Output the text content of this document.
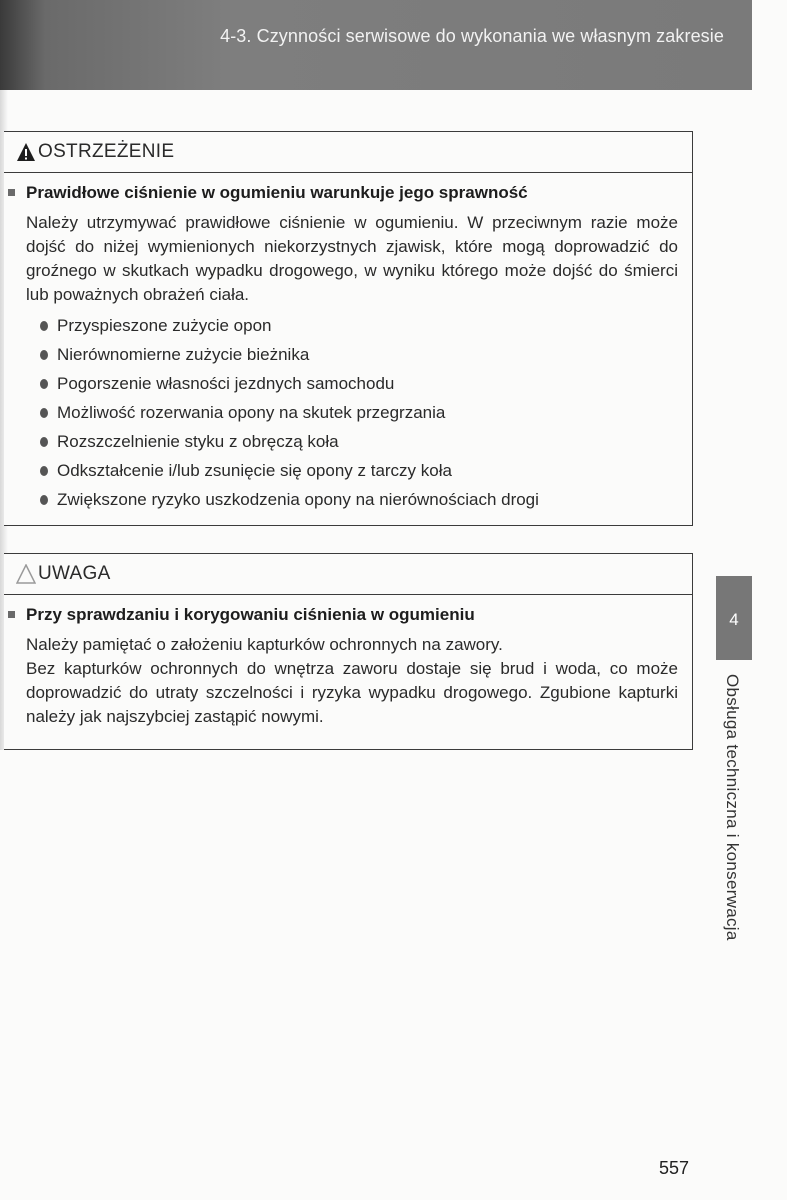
4-3. Czynności serwisowe do wykonania we własnym zakresie
OSTRZEŻENIE
Prawidłowe ciśnienie w ogumieniu warunkuje jego sprawność

Należy utrzymywać prawidłowe ciśnienie w ogumieniu. W przeciwnym razie może dojść do niżej wymienionych niekorzystnych zjawisk, które mogą doprowadzić do groźnego w skutkach wypadku drogowego, w wyniku którego może dojść do śmierci lub poważnych obrażeń ciała.

Przyspieszone zużycie opon
Nierównomierne zużycie bieżnika
Pogorszenie własności jezdnych samochodu
Możliwość rozerwania opony na skutek przegrzania
Rozszczelnienie styku z obręczą koła
Odkształcenie i/lub zsunięcie się opony z tarczy koła
Zwiększone ryzyko uszkodzenia opony na nierównościach drogi
UWAGA
Przy sprawdzaniu i korygowaniu ciśnienia w ogumieniu

Należy pamiętać o założeniu kapturków ochronnych na zawory.

Bez kapturków ochronnych do wnętrza zaworu dostaje się brud i woda, co może doprowadzić do utraty szczelności i ryzyka wypadku drogowego. Zgubione kapturki należy jak najszybciej zastąpić nowymi.

4
Obsługa techniczna i konserwacja
557
